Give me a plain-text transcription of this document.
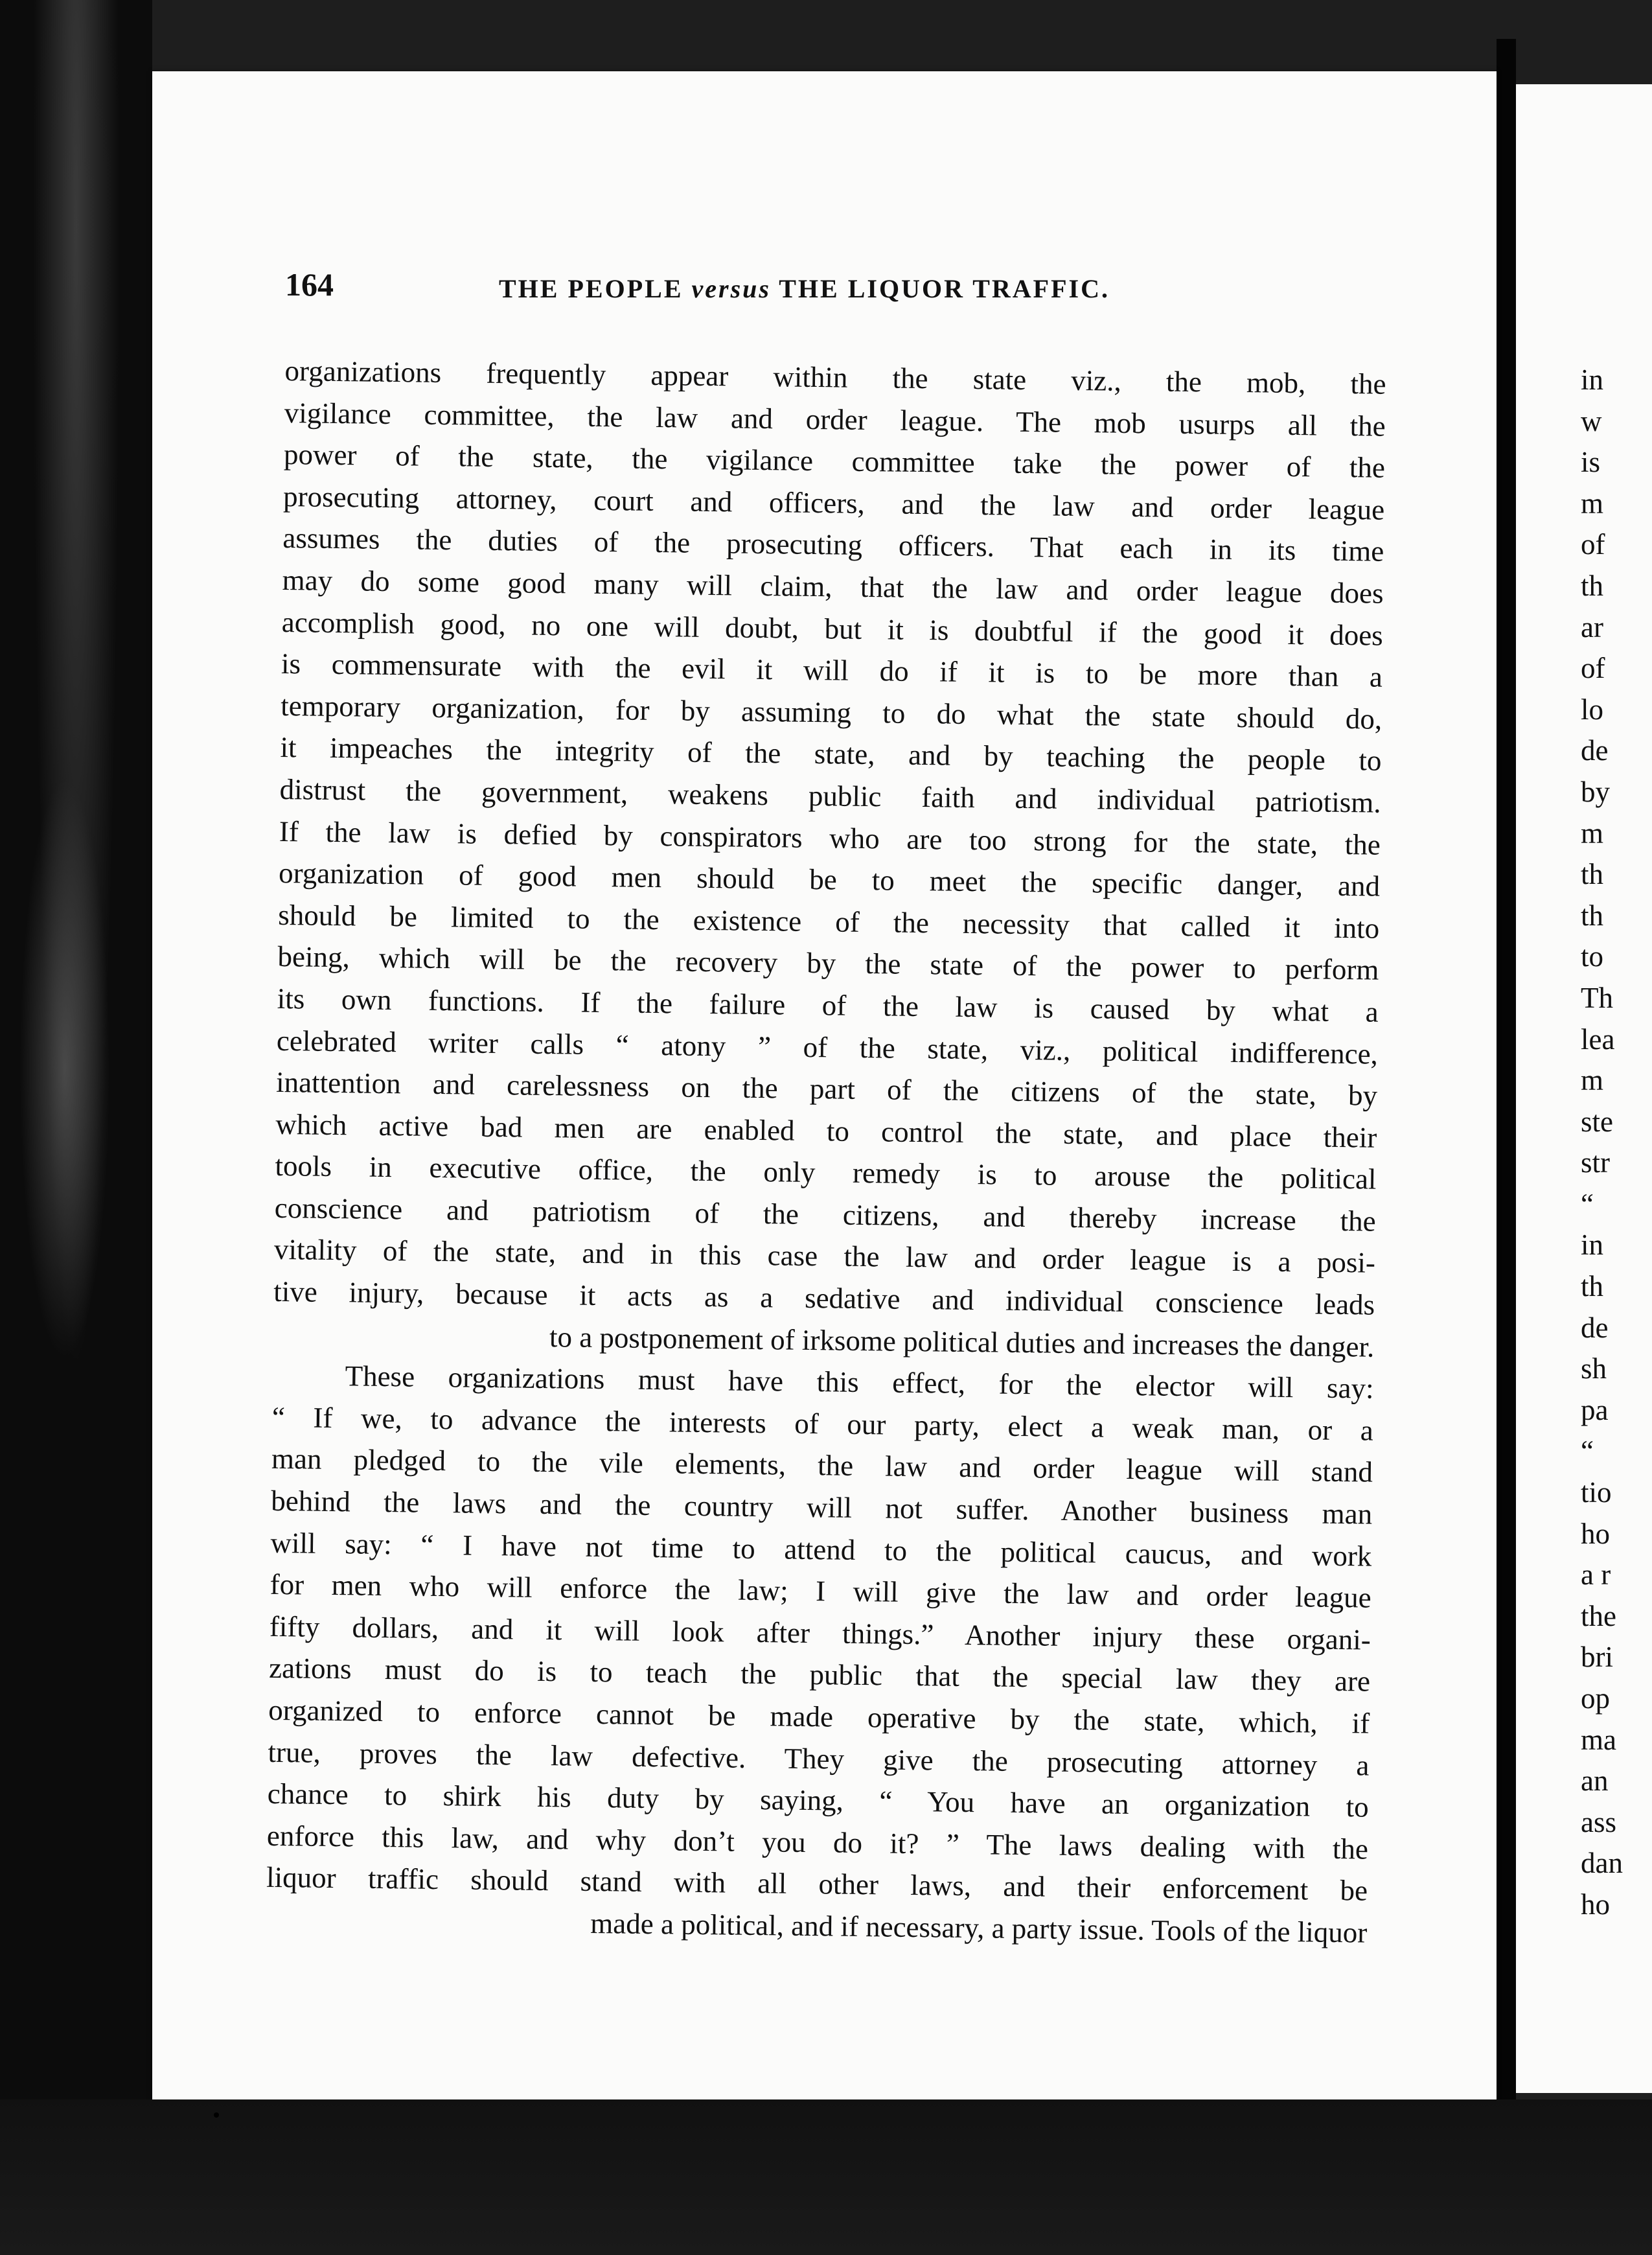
164	THE PEOPLE versus THE LIQUOR TRAFFIC.
organizations frequently appear within the state viz., the mob, the
vigilance committee, the law and order league. The mob usurps all the
power of the state, the vigilance committee take the power of the
prosecuting attorney, court and officers, and the law and order league
assumes the duties of the prosecuting officers. That each in its time
may do some good many will claim, that the law and order league does
accomplish good, no one will doubt, but it is doubtful if the good it does
is commensurate with the evil it will do if it is to be more than a
temporary organization, for by assuming to do what the state should do,
it impeaches the integrity of the state, and by teaching the people to
distrust the government, weakens public faith and individual patriotism.
If the law is defied by conspirators who are too strong for the state, the
organization of good men should be to meet the specific danger, and
should be limited to the existence of the necessity that called it into
being, which will be the recovery by the state of the power to perform
its own functions. If the failure of the law is caused by what a
celebrated writer calls “ atony ” of the state, viz., political indifference,
inattention and carelessness on the part of the citizens of the state, by
which active bad men are enabled to control the state, and place their
tools in executive office, the only remedy is to arouse the political
conscience and patriotism of the citizens, and thereby increase the
vitality of the state, and in this case the law and order league is a posi-
tive injury, because it acts as a sedative and individual conscience leads
to a postponement of irksome political duties and increases the danger.
These organizations must have this effect, for the elector will say:
“ If we, to advance the interests of our party, elect a weak man, or a
man pledged to the vile elements, the law and order league will stand
behind the laws and the country will not suffer. Another business man
will say: “ I have not time to attend to the political caucus, and work
for men who will enforce the law; I will give the law and order league
fifty dollars, and it will look after things.” Another injury these organi-
zations must do is to teach the public that the special law they are
organized to enforce cannot be made operative by the state, which, if
true, proves the law defective. They give the prosecuting attorney a
chance to shirk his duty by saying, “ You have an organization to
enforce this law, and why don’t you do it? ” The laws dealing with the
liquor traffic should stand with all other laws, and their enforcement be
made a political, and if necessary, a party issue. Tools of the liquor
in
w
is
m
of
th
ar
of
lo
de
by
m
th
th
to
Th
lea
m
ste
str
“
in
th
de
sh
pa
“
tio
ho
a r
the
bri
op
ma
an
ass
dan
ho
